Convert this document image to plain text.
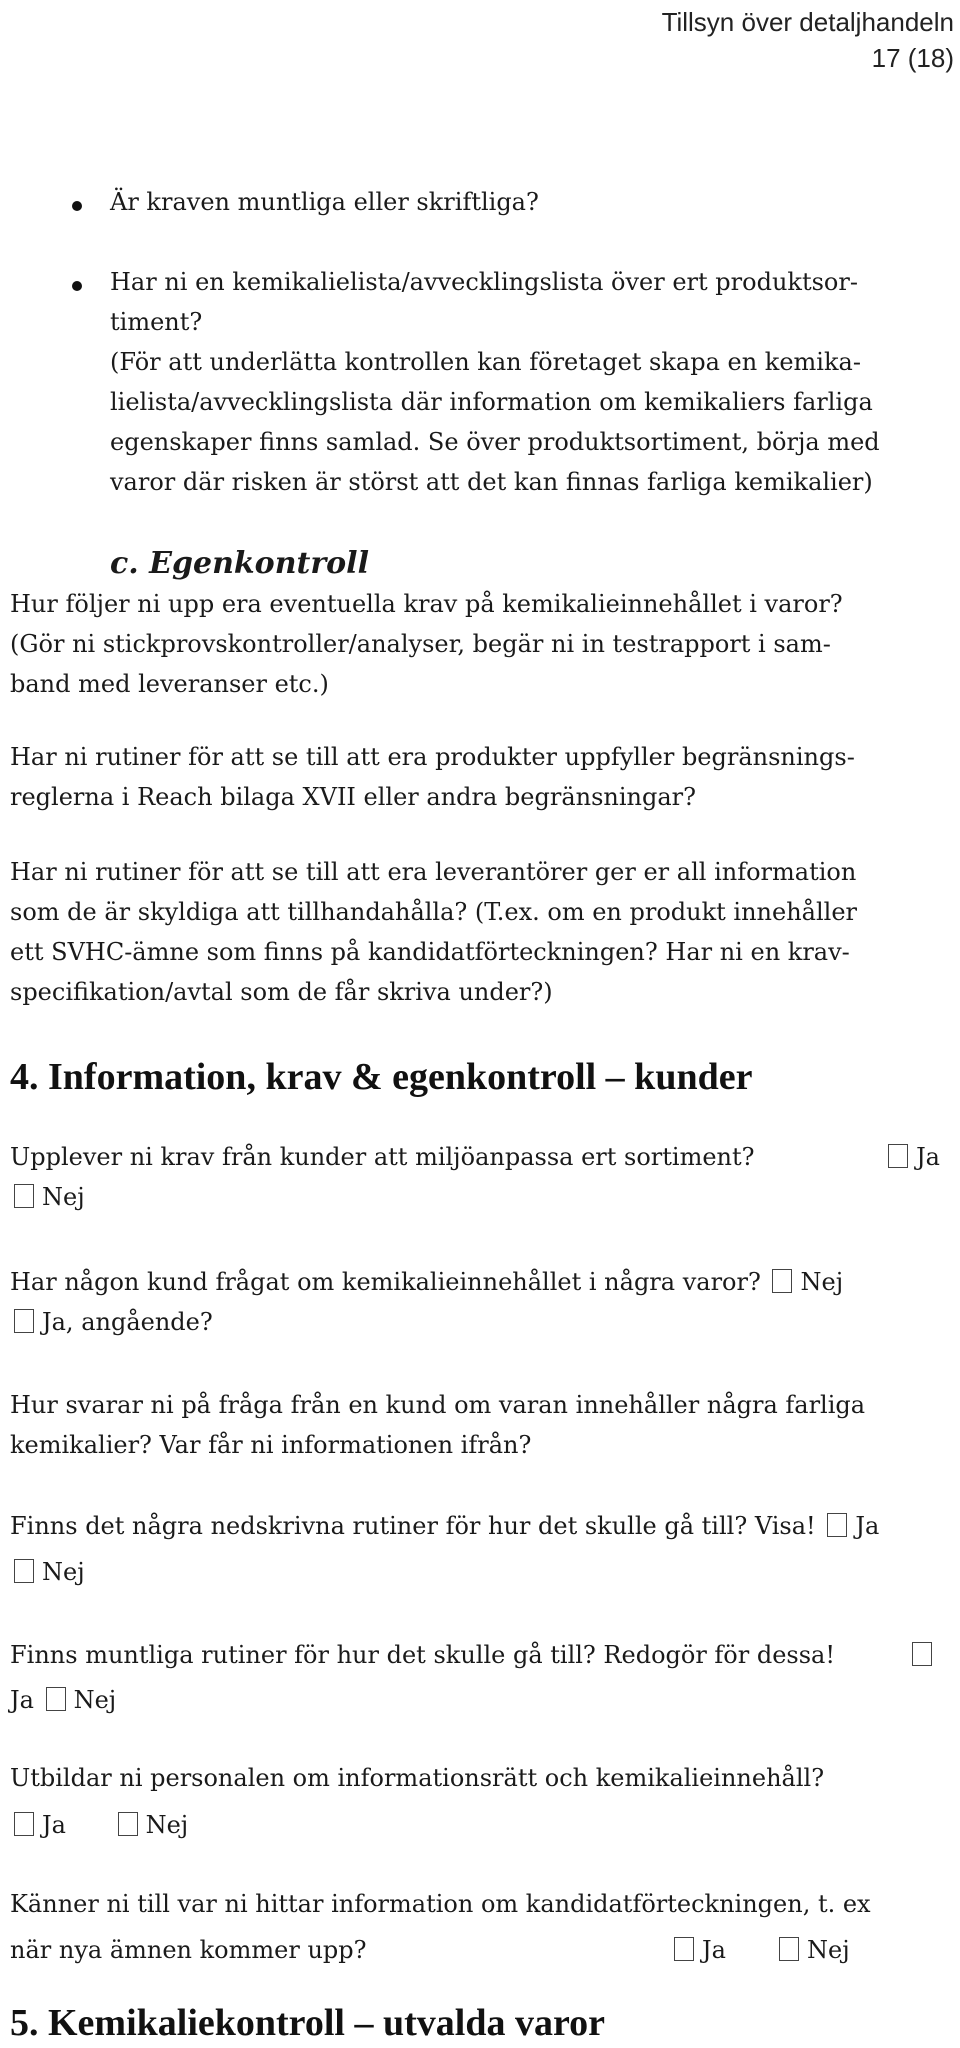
Tillsyn över detaljhandeln
17 (18)
Är kraven muntliga eller skriftliga?
Har ni en kemikalielista/avvecklingslista över ert produktsor-
timent?
(För att underlätta kontrollen kan företaget skapa en kemika-
lielista/avvecklingslista där information om kemikaliers farliga
egenskaper finns samlad. Se över produktsortiment, börja med
varor där risken är störst att det kan finnas farliga kemikalier)
c. Egenkontroll
Hur följer ni upp era eventuella krav på kemikalieinnehållet i varor?
(Gör ni stickprovskontroller/analyser, begär ni in testrapport i sam-
band med leveranser etc.)
Har ni rutiner för att se till att era produkter uppfyller begränsnings-
reglerna i Reach bilaga XVII eller andra begränsningar?
Har ni rutiner för att se till att era leverantörer ger er all information
som de är skyldiga att tillhandahålla? (T.ex. om en produkt innehåller
ett SVHC-ämne som finns på kandidatförteckningen? Har ni en krav-
specifikation/avtal som de får skriva under?)
4. Information, krav & egenkontroll – kunder
Upplever ni krav från kunder att miljöanpassa ert sortiment?	Ja
Nej
Har någon kund frågat om kemikalieinnehållet i några varor? Nej
Ja, angående?
Hur svarar ni på fråga från en kund om varan innehåller några farliga
kemikalier? Var får ni informationen ifrån?
Finns det några nedskrivna rutiner för hur det skulle gå till? Visa! Ja
Nej
Finns muntliga rutiner för hur det skulle gå till? Redogör för dessa!
Ja Nej
Utbildar ni personalen om informationsrätt och kemikalieinnehåll?
Ja	Nej
Känner ni till var ni hittar information om kandidatförteckningen, t. ex
när nya ämnen kommer upp?	Ja	Nej
5. Kemikaliekontroll – utvalda varor
